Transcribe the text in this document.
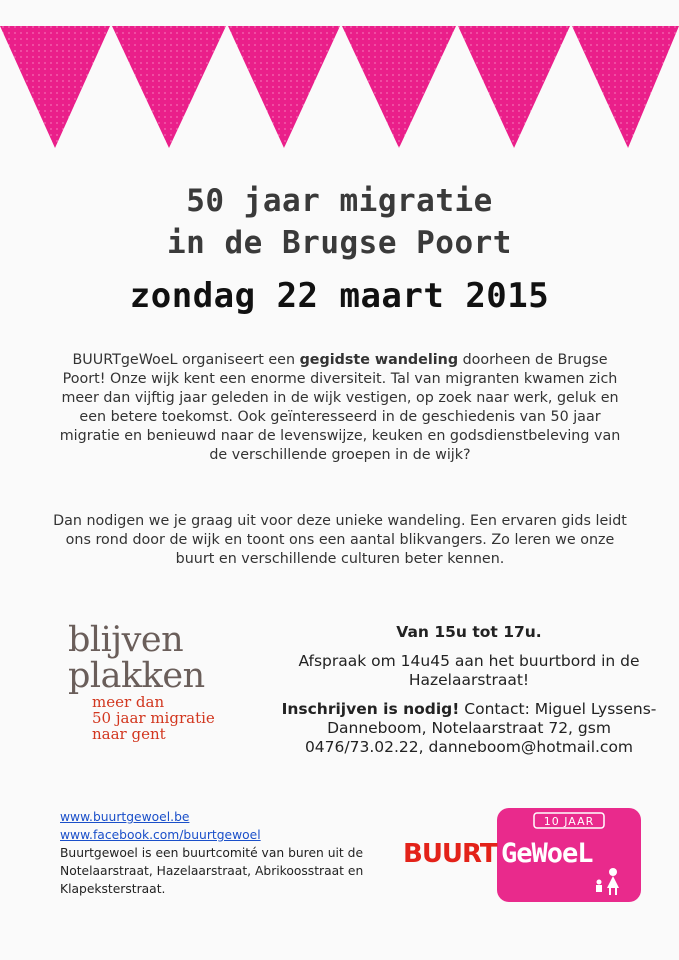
50 jaar migratie
in de Brugse Poort
zondag 22 maart 2015
BUURTgeWoeL organiseert een gegidste wandeling doorheen de Brugse Poort! Onze wijk kent een enorme diversiteit. Tal van migranten kwamen zich meer dan vijftig jaar geleden in de wijk vestigen, op zoek naar werk, geluk en een betere toekomst. Ook geïnteresseerd in de geschiedenis van 50 jaar migratie en benieuwd naar de levenswijze, keuken en godsdienstbeleving van de verschillende groepen in de wijk?
Dan nodigen we je graag uit voor deze unieke wandeling. Een ervaren gids leidt ons rond door de wijk en toont ons een aantal blikvangers. Zo leren we onze buurt en verschillende culturen beter kennen.
blijven
plakken
meer dan
50 jaar migratie
naar gent
Van 15u tot 17u.
Afspraak om 14u45 aan het buurtbord in de Hazelaarstraat!
Inschrijven is nodig! Contact: Miguel Lyssens-Danneboom, Notelaarstraat 72, gsm 0476/73.02.22, danneboom@hotmail.com
www.buurtgewoel.be
www.facebook.com/buurtgewoel
Buurtgewoel is een buurtcomité van buren uit de Notelaarstraat, Hazelaarstraat, Abrikoosstraat en Klapeksterstraat.
10 JAAR
BUURT GeWoeL
